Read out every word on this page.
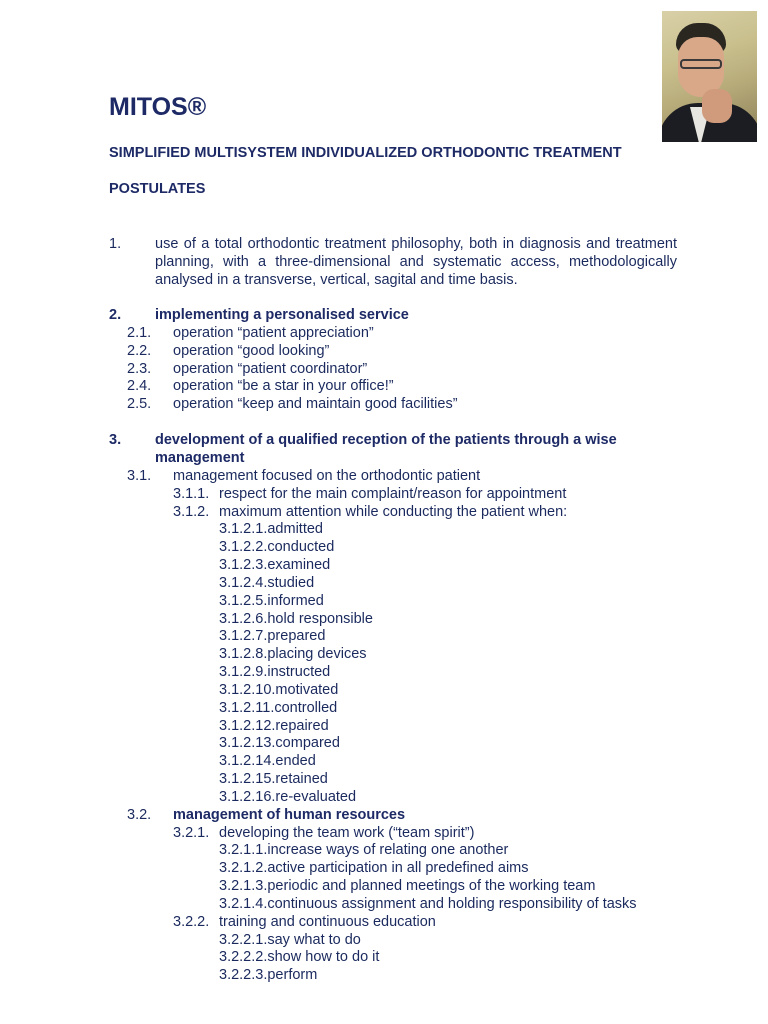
MITOS®
SIMPLIFIED MULTISYSTEM INDIVIDUALIZED ORTHODONTIC TREATMENT
POSTULATES
1. use of a total orthodontic treatment philosophy, both in diagnosis and treatment planning, with a three-dimensional and systematic access, methodologically analysed in a transverse, vertical, sagital and time basis.
2. implementing a personalised service
2.1. operation “patient appreciation”
2.2. operation “good looking”
2.3. operation “patient coordinator”
2.4. operation “be a star in your office!”
2.5. operation “keep and maintain good facilities”
3. development of a qualified reception of the patients through a wise
management
3.1. management focused on the orthodontic patient
3.1.1. respect for the main complaint/reason for appointment
3.1.2. maximum attention while conducting the patient when:
3.1.2.1.admitted
3.1.2.2.conducted
3.1.2.3.examined
3.1.2.4.studied
3.1.2.5.informed
3.1.2.6.hold responsible
3.1.2.7.prepared
3.1.2.8.placing devices
3.1.2.9.instructed
3.1.2.10.motivated
3.1.2.11.controlled
3.1.2.12.repaired
3.1.2.13.compared
3.1.2.14.ended
3.1.2.15.retained
3.1.2.16.re-evaluated
3.2. management of human resources
3.2.1. developing the team work (“team spirit”)
3.2.1.1.increase ways of relating one another
3.2.1.2.active participation in all predefined aims
3.2.1.3.periodic and planned meetings of the working team
3.2.1.4.continuous assignment and holding responsibility of tasks
3.2.2. training and continuous education
3.2.2.1.say what to do
3.2.2.2.show how to do it
3.2.2.3.perform
